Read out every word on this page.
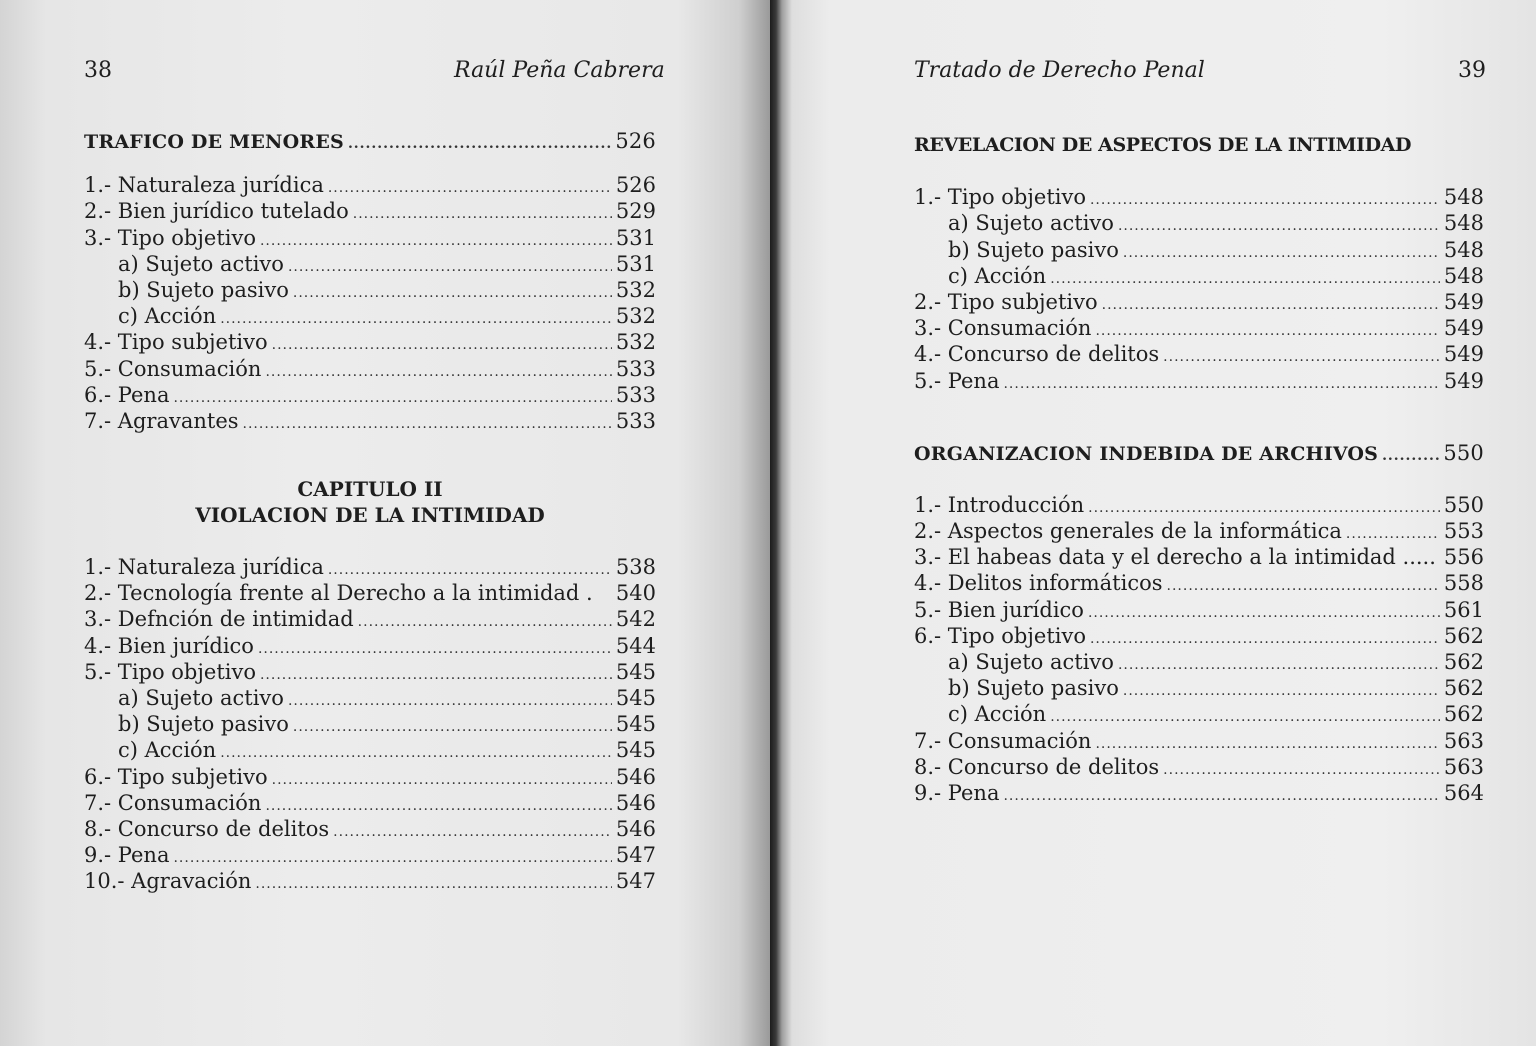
38	Raúl Peña Cabrera
TRAFICO DE MENORES .....	526
1.- Naturaleza jurídica .....	526
2.- Bien jurídico tutelado .....	529
3.- Tipo objetivo .....	531
a) Sujeto activo .....	531
b) Sujeto pasivo .....	532
c) Acción .....	532
4.- Tipo subjetivo .....	532
5.- Consumación .....	533
6.- Pena .....	533
7.- Agravantes .....	533
CAPITULO II
VIOLACION DE LA INTIMIDAD
1.- Naturaleza jurídica .....	538
2.- Tecnología frente al Derecho a la intimidad . 540
3.- Defnción de intimidad .....	542
4.- Bien jurídico .....	544
5.- Tipo objetivo .....	545
a) Sujeto activo .....	545
b) Sujeto pasivo .....	545
c) Acción .....	545
6.- Tipo subjetivo .....	546
7.- Consumación .....	546
8.- Concurso de delitos .....	546
9.- Pena .....	547
10.- Agravación .....	547
Tratado de Derecho Penal	39
REVELACION DE ASPECTOS DE LA INTIMIDAD
1.- Tipo objetivo .....	548
a) Sujeto activo .....	548
b) Sujeto pasivo .....	548
c) Acción .....	548
2.- Tipo subjetivo .....	549
3.- Consumación .....	549
4.- Concurso de delitos .....	549
5.- Pena .....	549
ORGANIZACION INDEBIDA DE ARCHIVOS .....	550
1.- Introducción .....	550
2.- Aspectos generales de la informática .....	553
3.- El habeas data y el derecho a la intimidad ..... 556
4.- Delitos informáticos .....	558
5.- Bien jurídico .....	561
6.- Tipo objetivo .....	562
a) Sujeto activo .....	562
b) Sujeto pasivo .....	562
c) Acción .....	562
7.- Consumación .....	563
8.- Concurso de delitos .....	563
9.- Pena .....	564
